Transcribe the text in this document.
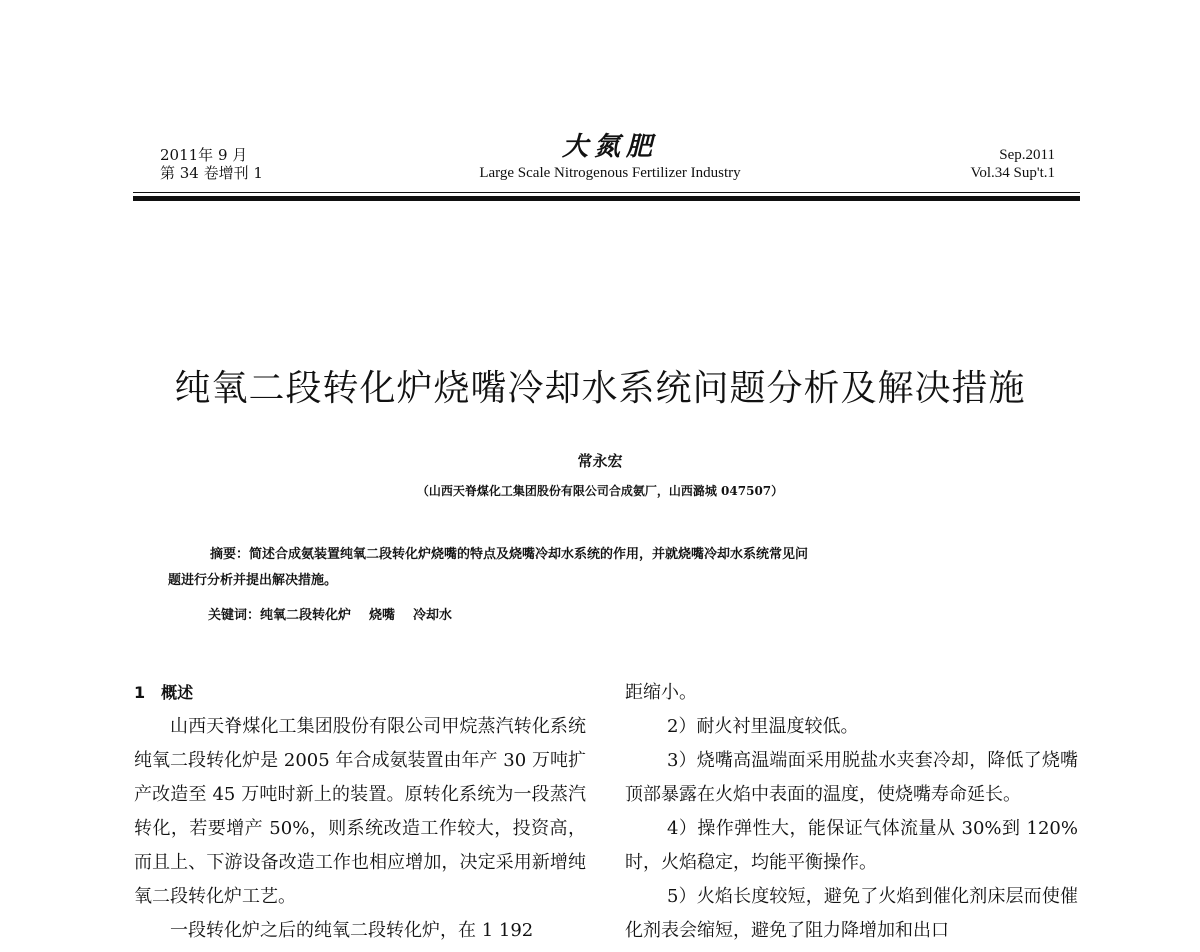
2011年 9 月
第 34 卷增刊 1
大氮肥
Large Scale Nitrogenous Fertilizer Industry
Sep.2011
Vol.34 Sup't.1
纯氧二段转化炉烧嘴冷却水系统问题分析及解决措施
常永宏
（山西天脊煤化工集团股份有限公司合成氨厂，山西潞城 047507）
摘要：简述合成氨装置纯氧二段转化炉烧嘴的特点及烧嘴冷却水系统的作用，并就烧嘴冷却水系统常见问
题进行分析并提出解决措施。
关键词：纯氧二段转化炉 烧嘴 冷却水

1　概述

山西天脊煤化工集团股份有限公司甲烷蒸汽转化系统纯氧二段转化炉是 2005 年合成氨装置由年产 30 万吨扩产改造至 45 万吨时新上的装置。原转化系统为一段蒸汽转化，若要增产 50%，则系统改造工作较大，投资高，而且上、下游设备改造工作也相应增加，决定采用新增纯氧二段转化炉工艺。

一段转化炉之后的纯氧二段转化炉，在 1 192

距缩小。

2）耐火衬里温度较低。

3）烧嘴高温端面采用脱盐水夹套冷却，降低了烧嘴顶部暴露在火焰中表面的温度，使烧嘴寿命延长。

4）操作弹性大，能保证气体流量从 30%到 120%时，火焰稳定，均能平衡操作。

5）火焰长度较短，避免了火焰到催化剂床层而使催化剂表会缩短，避免了阻力降增加和出口
